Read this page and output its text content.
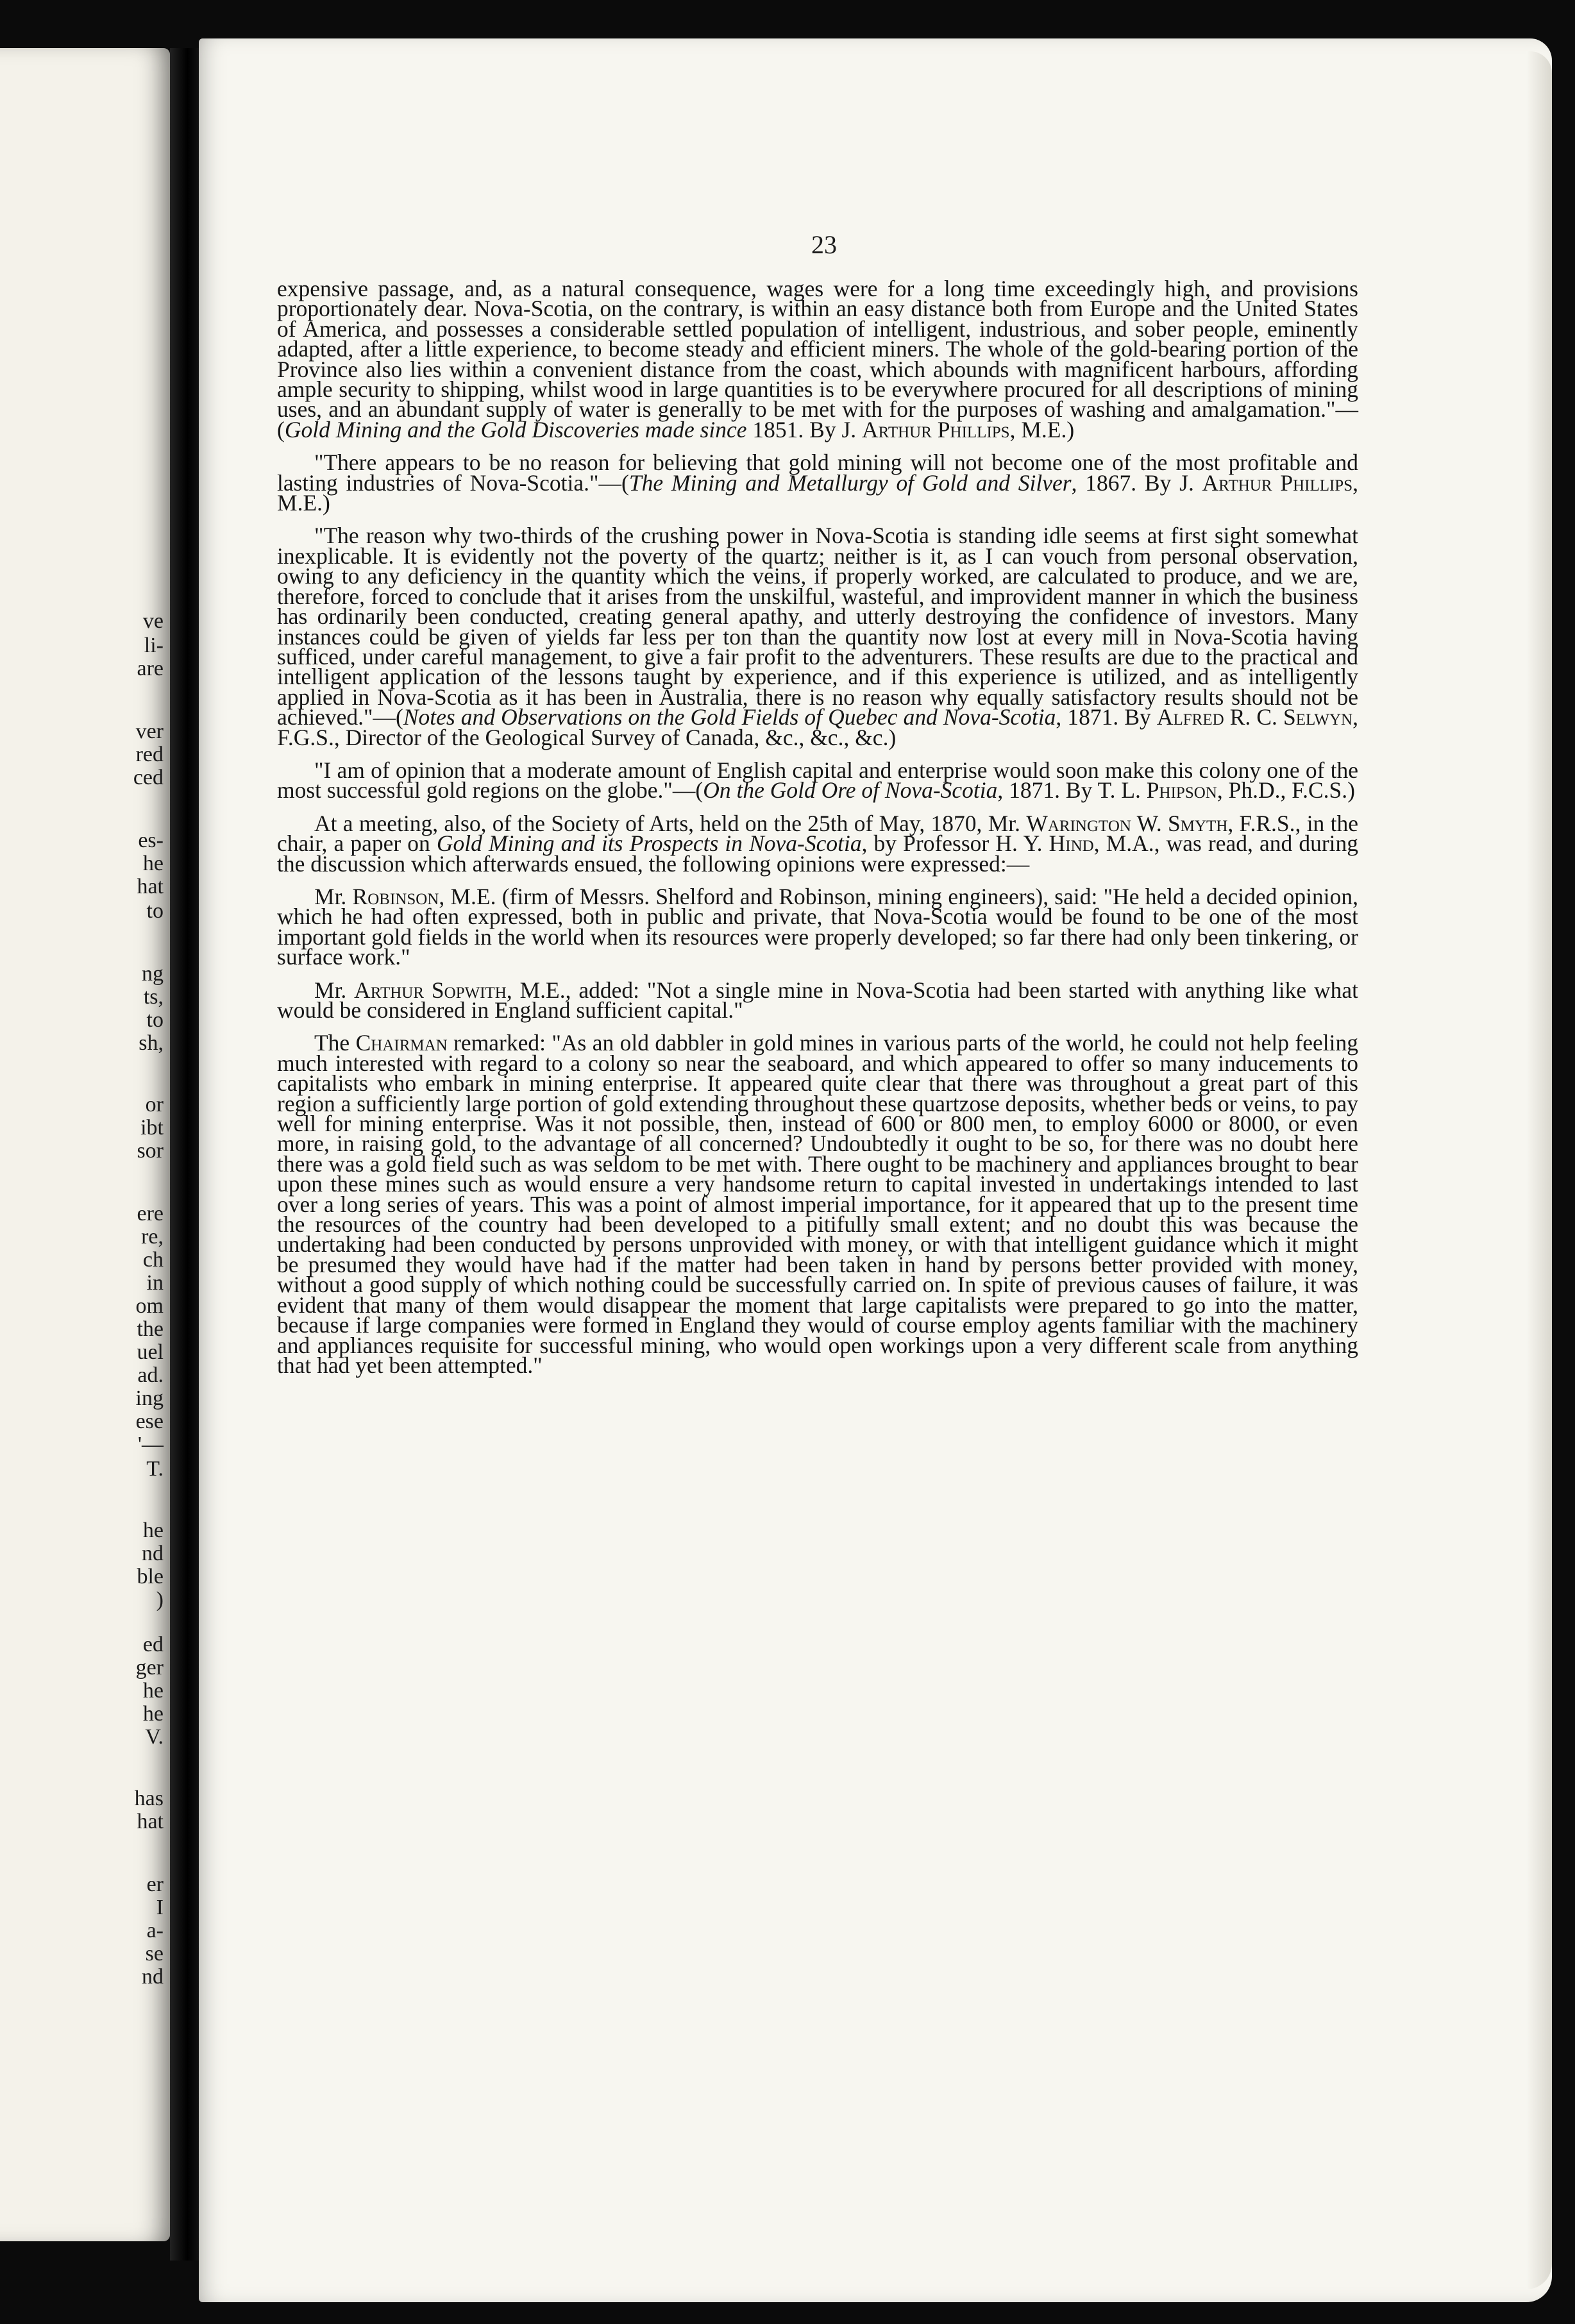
ve
li-
are
ver
red
ced
es-
he
hat
to
ng
ts,
to
sh,
or
ibt
sor
ere
re,
ch
in
om
the
uel
ad.
ing
ese
'—
T.
he
nd
ble
)
ed
ger
he
he
V.
has
hat
er
I
a-
se
nd
23

expensive passage, and, as a natural consequence, wages were for a long time exceedingly high, and provisions proportionately dear. Nova-Scotia, on the contrary, is within an easy distance both from Europe and the United States of America, and possesses a considerable settled population of intelligent, industrious, and sober people, eminently adapted, after a little experience, to become steady and efficient miners. The whole of the gold-bearing portion of the Province also lies within a convenient distance from the coast, which abounds with magnificent harbours, affording ample security to shipping, whilst wood in large quantities is to be everywhere procured for all descriptions of mining uses, and an abundant supply of water is generally to be met with for the purposes of washing and amalgamation."—(Gold Mining and the Gold Discoveries made since 1851. By J. Arthur Phillips, M.E.)

"There appears to be no reason for believing that gold mining will not become one of the most profitable and lasting industries of Nova-Scotia."—(The Mining and Metallurgy of Gold and Silver, 1867. By J. Arthur Phillips, M.E.)

"The reason why two-thirds of the crushing power in Nova-Scotia is standing idle seems at first sight somewhat inexplicable. It is evidently not the poverty of the quartz; neither is it, as I can vouch from personal observation, owing to any deficiency in the quantity which the veins, if properly worked, are calculated to produce, and we are, therefore, forced to conclude that it arises from the unskilful, wasteful, and improvident manner in which the business has ordinarily been conducted, creating general apathy, and utterly destroying the confidence of investors. Many instances could be given of yields far less per ton than the quantity now lost at every mill in Nova-Scotia having sufficed, under careful management, to give a fair profit to the adventurers. These results are due to the practical and intelligent application of the lessons taught by experience, and if this experience is utilized, and as intelligently applied in Nova-Scotia as it has been in Australia, there is no reason why equally satisfactory results should not be achieved."—(Notes and Observations on the Gold Fields of Quebec and Nova-Scotia, 1871. By Alfred R. C. Selwyn, F.G.S., Director of the Geological Survey of Canada, &c., &c., &c.)

"I am of opinion that a moderate amount of English capital and enterprise would soon make this colony one of the most successful gold regions on the globe."—(On the Gold Ore of Nova-Scotia, 1871. By T. L. Phipson, Ph.D., F.C.S.)

At a meeting, also, of the Society of Arts, held on the 25th of May, 1870, Mr. Warington W. Smyth, F.R.S., in the chair, a paper on Gold Mining and its Prospects in Nova-Scotia, by Professor H. Y. Hind, M.A., was read, and during the discussion which afterwards ensued, the following opinions were expressed:—

Mr. Robinson, M.E. (firm of Messrs. Shelford and Robinson, mining engineers), said: "He held a decided opinion, which he had often expressed, both in public and private, that Nova-Scotia would be found to be one of the most important gold fields in the world when its resources were properly developed; so far there had only been tinkering, or surface work."

Mr. Arthur Sopwith, M.E., added: "Not a single mine in Nova-Scotia had been started with anything like what would be considered in England sufficient capital."

The Chairman remarked: "As an old dabbler in gold mines in various parts of the world, he could not help feeling much interested with regard to a colony so near the seaboard, and which appeared to offer so many inducements to capitalists who embark in mining enterprise. It appeared quite clear that there was throughout a great part of this region a sufficiently large portion of gold extending throughout these quartzose deposits, whether beds or veins, to pay well for mining enterprise. Was it not possible, then, instead of 600 or 800 men, to employ 6000 or 8000, or even more, in raising gold, to the advantage of all concerned? Undoubtedly it ought to be so, for there was no doubt here there was a gold field such as was seldom to be met with. There ought to be machinery and appliances brought to bear upon these mines such as would ensure a very handsome return to capital invested in undertakings intended to last over a long series of years. This was a point of almost imperial importance, for it appeared that up to the present time the resources of the country had been developed to a pitifully small extent; and no doubt this was because the undertaking had been conducted by persons unprovided with money, or with that intelligent guidance which it might be presumed they would have had if the matter had been taken in hand by persons better provided with money, without a good supply of which nothing could be successfully carried on. In spite of previous causes of failure, it was evident that many of them would disappear the moment that large capitalists were prepared to go into the matter, because if large companies were formed in England they would of course employ agents familiar with the machinery and appliances requisite for successful mining, who would open workings upon a very different scale from anything that had yet been attempted."
